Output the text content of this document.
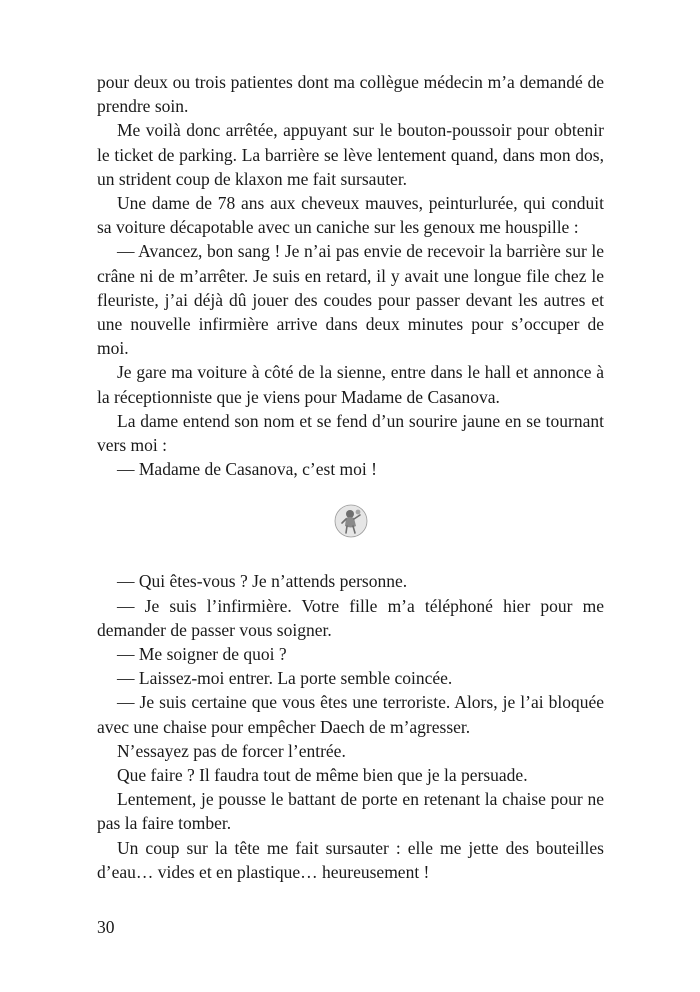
pour deux ou trois patientes dont ma collègue médecin m’a demandé de prendre soin.

Me voilà donc arrêtée, appuyant sur le bouton-poussoir pour obtenir le ticket de parking. La barrière se lève lentement quand, dans mon dos, un strident coup de klaxon me fait sursauter.

Une dame de 78 ans aux cheveux mauves, peinturlurée, qui conduit sa voiture décapotable avec un caniche sur les genoux me houspille :

— Avancez, bon sang ! Je n’ai pas envie de recevoir la barrière sur le crâne ni de m’arrêter. Je suis en retard, il y avait une longue file chez le fleuriste, j’ai déjà dû jouer des coudes pour passer devant les autres et une nouvelle infirmière arrive dans deux minutes pour s’occuper de moi.

Je gare ma voiture à côté de la sienne, entre dans le hall et annonce à la réceptionniste que je viens pour Madame de Casanova.

La dame entend son nom et se fend d’un sourire jaune en se tournant vers moi :

— Madame de Casanova, c’est moi !

— Qui êtes-vous ? Je n’attends personne.

— Je suis l’infirmière. Votre fille m’a téléphoné hier pour me demander de passer vous soigner.

— Me soigner de quoi ?

— Laissez-moi entrer. La porte semble coincée.

— Je suis certaine que vous êtes une terroriste. Alors, je l’ai bloquée avec une chaise pour empêcher Daech de m’agresser.

N’essayez pas de forcer l’entrée.

Que faire ? Il faudra tout de même bien que je la persuade.

Lentement, je pousse le battant de porte en retenant la chaise pour ne pas la faire tomber.

Un coup sur la tête me fait sursauter : elle me jette des bouteilles d’eau… vides et en plastique… heureusement !

30
